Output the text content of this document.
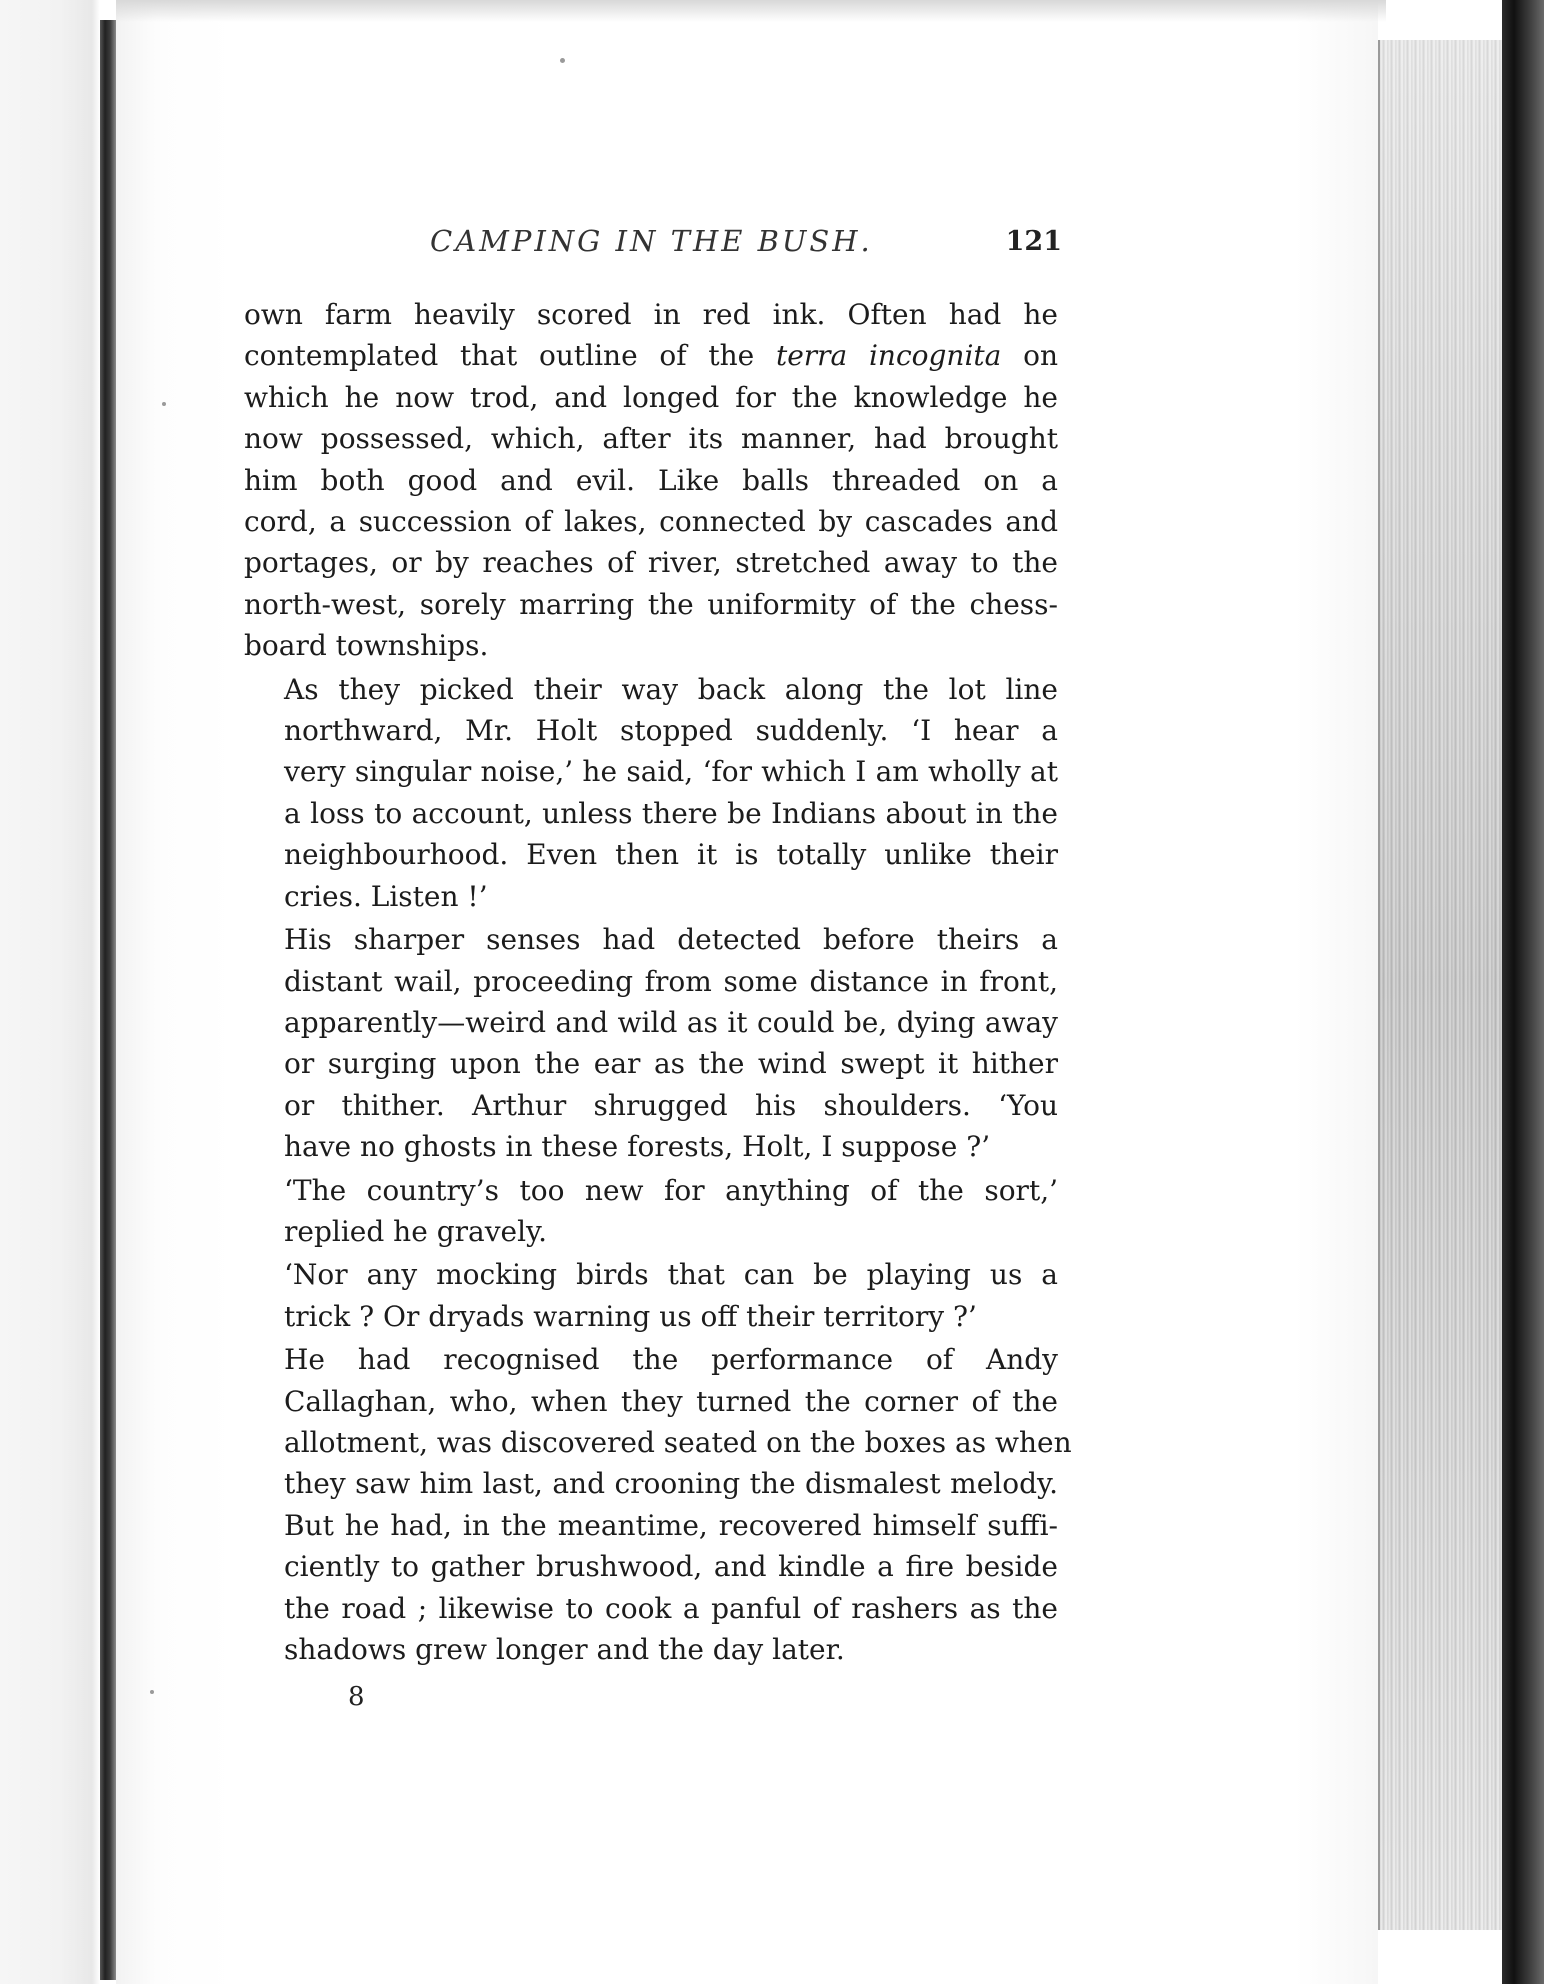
CAMPING IN THE BUSH.	121

own farm heavily scored in red ink. Often had he
contemplated that outline of the terra incognita on
which he now trod, and longed for the knowledge he
now possessed, which, after its manner, had brought
him both good and evil. Like balls threaded on a
cord, a succession of lakes, connected by cascades and
portages, or by reaches of river, stretched away to the
north-west, sorely marring the uniformity of the chess-
board townships.

As they picked their way back along the lot line
northward, Mr. Holt stopped suddenly. ‘I hear a
very singular noise,’ he said, ‘for which I am wholly at
a loss to account, unless there be Indians about in the
neighbourhood. Even then it is totally unlike their
cries. Listen !’

His sharper senses had detected before theirs a
distant wail, proceeding from some distance in front,
apparently—weird and wild as it could be, dying away
or surging upon the ear as the wind swept it hither
or thither. Arthur shrugged his shoulders. ‘You
have no ghosts in these forests, Holt, I suppose ?’

‘The country’s too new for anything of the sort,’
replied he gravely.

‘Nor any mocking birds that can be playing us a
trick ? Or dryads warning us off their territory ?’

He had recognised the performance of Andy
Callaghan, who, when they turned the corner of the
allotment, was discovered seated on the boxes as when
they saw him last, and crooning the dismalest melody.
But he had, in the meantime, recovered himself suffi-
ciently to gather brushwood, and kindle a fire beside
the road ; likewise to cook a panful of rashers as the
shadows grew longer and the day later.

8
